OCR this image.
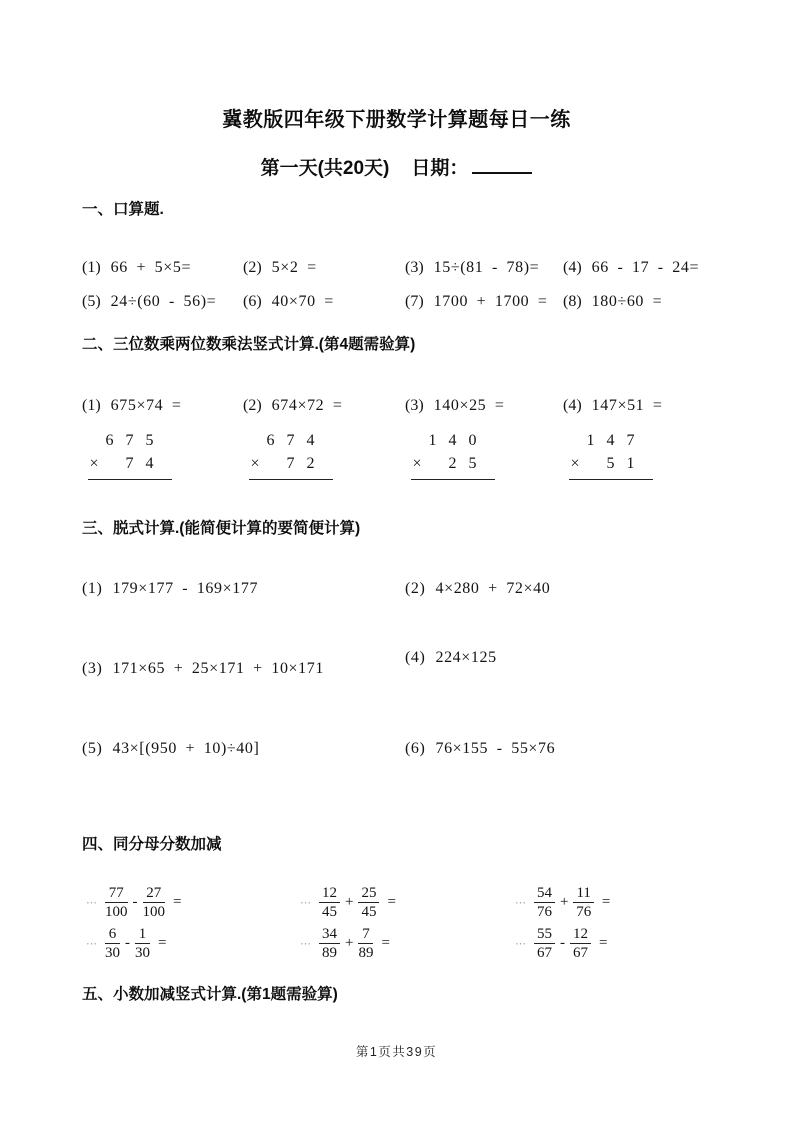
冀教版四年级下册数学计算题每日一练
第一天(共20天) 日期：
一、口算题.
(1) 66 + 5×5=	(2) 5×2 =	(3) 15÷(81 - 78)= (4) 66 - 17 - 24=
(5) 24÷(60 - 56)= (6) 40×70 =	(7) 1700 + 1700 = (8) 180÷60 =
二、三位数乘两位数乘法竖式计算.(第4题需验算)
(1) 675×74 =	(2) 674×72 =	(3) 140×25 =	(4) 147×51 =
6 7 5
×	7 4
6 7 4
×	7 2
1 4 0
×	2 5
1 4 7
×	5 1
三、脱式计算.(能简便计算的要简便计算)
(1) 179×177 - 169×177	(2) 4×280 + 72×40
(3) 171×65 + 25×171 + 10×171
(4) 224×125
(5) 43×[(950 + 10)÷40]	(6) 76×155 - 55×76
四、同分母分数加减
⋯ $\frac{77}{100} - \frac{27}{100}$ =	⋯ $\frac{12}{45} + \frac{25}{45}$ =	⋯ $\frac{54}{76} + \frac{11}{76}$ =
⋯ $\frac{6}{30} - \frac{1}{30}$ =	⋯ $\frac{34}{89} + \frac{7}{89}$ =	⋯ $\frac{55}{67} - \frac{12}{67}$ =
五、小数加减竖式计算.(第1题需验算)
第1页共39页
